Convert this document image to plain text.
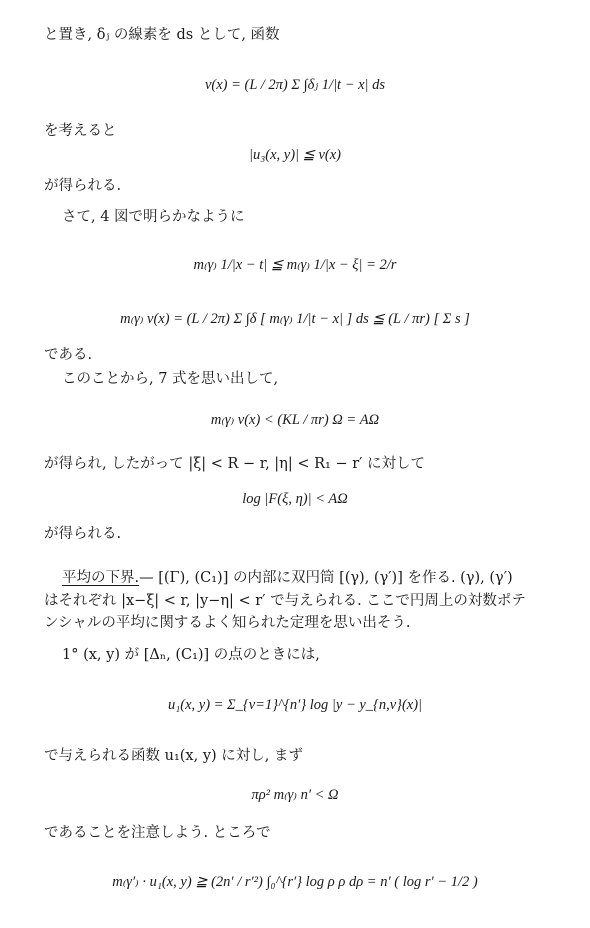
と置き, δⱼ の線素を ds として, 函数
v(x) = (L / 2π) Σ ∫δⱼ 1/|t − x| ds
を考えると
|u₃(x, y)| ≦ v(x)
が得られる.
さて, 4 図で明らかなように
m₍γ₎ 1/|x − t| ≦ m₍γ₎ 1/|x − ξ| = 2/r
m₍γ₎ v(x) = (L / 2π) Σ ∫δ [ m₍γ₎ 1/|t − x| ] ds ≦ (L / πr) [ Σ s ]
である.
このことから, 7 式を思い出して,
m₍γ₎ v(x) < (KL / πr) Ω = AΩ
が得られ, したがって |ξ| < R − r, |η| < R₁ − r′ に対して
log |F(ξ, η)| < AΩ
が得られる.
平均の下界.— [(Γ), (C₁)] の内部に双円筒 [(γ), (γ′)] を作る. (γ), (γ′)
はそれぞれ |x−ξ| < r, |y−η| < r′ で与えられる. ここで円周上の対数ポテ
ンシャルの平均に関するよく知られた定理を思い出そう.
1° (x, y) が [Δₙ, (C₁)] の点のときには,
u₁(x, y) = Σ_{ν=1}^{n′} log |y − y_{n,ν}(x)|
で与えられる函数 u₁(x, y) に対し, まず
πρ² m₍γ₎ n′ < Ω
であることを注意しよう. ところで
m₍γ′₎ · u₁(x, y) ≧ (2n′ / r′²) ∫₀^{r′} log ρ ρ dρ = n′ ( log r′ − 1/2 )
